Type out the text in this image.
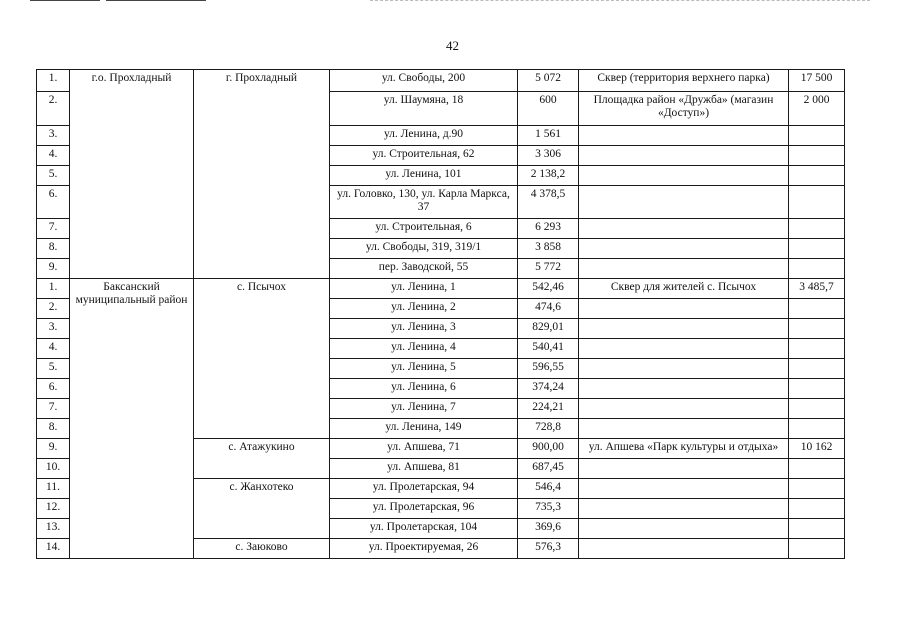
42
1.	г.о. Прохладный	г. Прохладный	ул. Свободы, 200	5 072	Сквер (территория верхнего парка)	17 500
2.			ул. Шаумяна, 18	600	Площадка район «Дружба» (магазин «Доступ»)	2 000
3.			ул. Ленина, д.90	1 561		
4.			ул. Строительная, 62	3 306		
5.			ул. Ленина, 101	2 138,2		
6.			ул. Головко, 130, ул. Карла Маркса, 37	4 378,5		
7.			ул. Строительная, 6	6 293		
8.			ул. Свободы, 319, 319/1	3 858		
9.			пер. Заводской, 55	5 772		
1.	Баксанский муниципальный район	с. Псычох	ул. Ленина, 1	542,46	Сквер для жителей с. Псычох	3 485,7
2.			ул. Ленина, 2	474,6		
3.			ул. Ленина, 3	829,01		
4.			ул. Ленина, 4	540,41		
5.			ул. Ленина, 5	596,55		
6.			ул. Ленина, 6	374,24		
7.			ул. Ленина, 7	224,21		
8.			ул. Ленина, 149	728,8		
9.		с. Атажукино	ул. Апшева, 71	900,00	ул. Апшева «Парк культуры и отдыха»	10 162
10.			ул. Апшева, 81	687,45		
11.		с. Жанхотеко	ул. Пролетарская, 94	546,4		
12.			ул. Пролетарская, 96	735,3		
13.			ул. Пролетарская, 104	369,6		
14.		с. Заюково	ул. Проектируемая, 26	576,3		
